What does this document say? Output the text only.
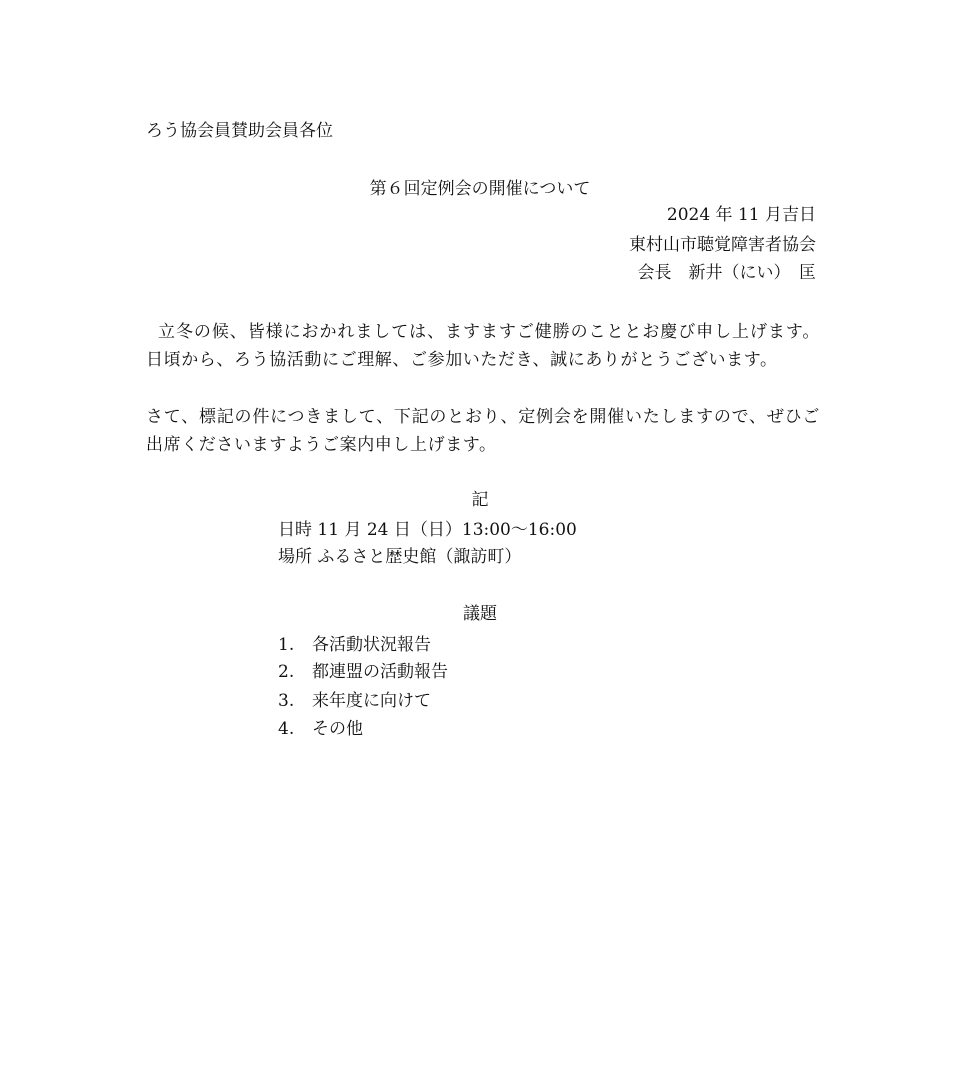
ろう協会員賛助会員各位
第６回定例会の開催について
2024 年 11 月吉日
東村山市聴覚障害者協会
会長　新井（にい）　匡

立冬の候、皆様におかれましては、ますますご健勝のこととお慶び申し上げます。日頃から、ろう協活動にご理解、ご参加いただき、誠にありがとうございます。

さて、標記の件につきまして、下記のとおり、定例会を開催いたしますので、ぜひご出席くださいますようご案内申し上げます。

記
日時 11 月 24 日（日）13:00〜16:00
場所 ふるさと歴史館（諏訪町）
議題
1. 各活動状況報告
2. 都連盟の活動報告
3. 来年度に向けて
4. その他
